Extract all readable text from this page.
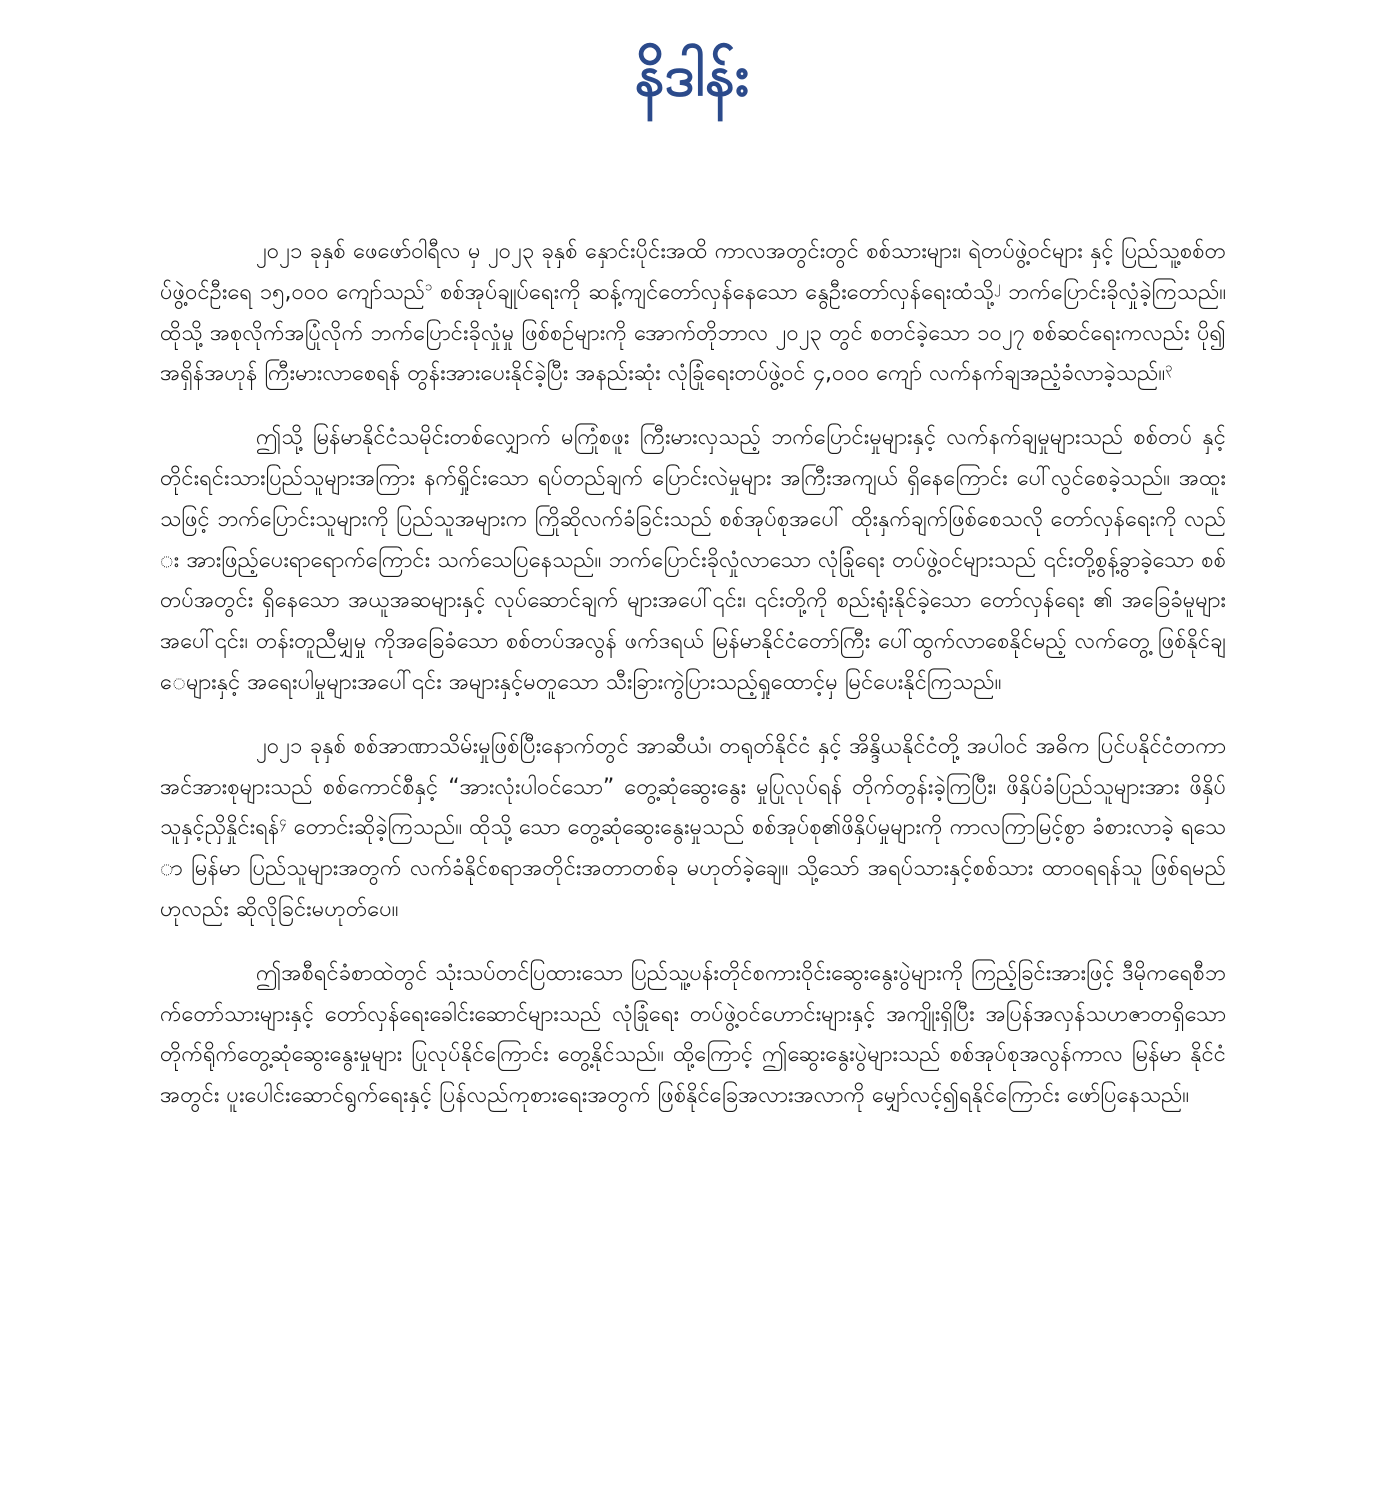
နိဒါန်း

၂၀၂၁ ခုနှစ် ဖေဖော်ဝါရီလ မှ ၂၀၂၃ ခုနှစ် နှောင်းပိုင်းအထိ ကာလအတွင်းတွင် စစ်သားများ၊ ရဲတပ်ဖွဲ့ဝင်များ နှင့် ပြည်သူ့စစ်တပ်ဖွဲ့ဝင်ဦးရေ ၁၅,၀၀၀ ကျော်သည်$^၁$ စစ်အုပ်ချုပ်ရေးကို ဆန့်ကျင်တော်လှန်နေသော နွေဦးတော်လှန်ရေးထံသို့$^၂$ ဘက်ပြောင်းခိုလှုံခဲ့ကြသည်။ ထိုသို့ အစုလိုက်အပြုံလိုက် ဘက်ပြောင်းခိုလှုံမှု ဖြစ်စဉ်များကို အောက်တိုဘာလ ၂၀၂၃ တွင် စတင်ခဲ့သော ၁၀၂၇ စစ်ဆင်ရေးကလည်း ပို၍အရှိန်အဟုန် ကြီးမားလာစေရန် တွန်းအားပေးနိုင်ခဲ့ပြီး အနည်းဆုံး လုံခြုံရေးတပ်ဖွဲ့ဝင် ၄,၀၀၀ ကျော် လက်နက်ချအညံ့ခံလာခဲ့သည်။$^၃$

ဤသို့ မြန်မာနိုင်ငံသမိုင်းတစ်လျှောက် မကြုံစဖူး ကြီးမားလှသည့် ဘက်ပြောင်းမှုများနှင့် လက်နက်ချမှုများသည် စစ်တပ် နှင့် တိုင်းရင်းသားပြည်သူများအကြား နက်ရှိုင်းသော ရပ်တည်ချက် ပြောင်းလဲမှုများ အကြီးအကျယ် ရှိနေကြောင်း ပေါ်လွင်စေခဲ့သည်။ အထူးသဖြင့် ဘက်ပြောင်းသူများကို ပြည်သူအများက ကြိုဆိုလက်ခံခြင်းသည် စစ်အုပ်စုအပေါ် ထိုးနှက်ချက်ဖြစ်စေသလို တော်လှန်ရေးကို လည်း အားဖြည့်ပေးရာရောက်ကြောင်း သက်သေပြနေသည်။ ဘက်ပြောင်းခိုလှုံလာသော လုံခြုံရေး တပ်ဖွဲ့ဝင်များသည် ၎င်းတို့စွန့်ခွာခဲ့သော စစ်တပ်အတွင်း ရှိနေသော အယူအဆများနှင့် လုပ်ဆောင်ချက် များအပေါ်၎င်း၊ ၎င်းတို့ကို စည်းရုံးနိုင်ခဲ့သော တော်လှန်ရေး ၏ အခြေခံမူများအပေါ်၎င်း၊ တန်းတူညီမျှမှု ကိုအခြေခံသော စစ်တပ်အလွန် ဖက်ဒရယ် မြန်မာနိုင်ငံတော်ကြီး ပေါ်ထွက်လာစေနိုင်မည့် လက်တွေ့ ဖြစ်နိုင်ချေများနှင့် အရေးပါမှုများအပေါ်၎င်း အများနှင့်မတူသော သီးခြားကွဲပြားသည့်ရှုထောင့်မှ မြင်ပေးနိုင်ကြသည်။

၂၀၂၁ ခုနှစ် စစ်အာဏာသိမ်းမှုဖြစ်ပြီးနောက်တွင် အာဆီယံ၊ တရုတ်နိုင်ငံ နှင့် အိန္ဒိယနိုင်ငံတို့ အပါဝင် အဓိက ပြင်ပနိုင်ငံတကာအင်အားစုများသည် စစ်ကောင်စီနှင့် “အားလုံးပါဝင်သော” တွေ့ဆုံဆွေးနွေး မှုပြုလုပ်ရန် တိုက်တွန်းခဲ့ကြပြီး၊ ဖိနှိပ်ခံပြည်သူများအား ဖိနှိပ်သူနှင့်ညှိနှိုင်းရန်$^၄$ တောင်းဆိုခဲ့ကြသည်။ ထိုသို့ သော တွေ့ဆုံဆွေးနွေးမှုသည် စစ်အုပ်စု၏ဖိနှိပ်မှုများကို ကာလကြာမြင့်စွာ ခံစားလာခဲ့ ရသော မြန်မာ ပြည်သူများအတွက် လက်ခံနိုင်စရာအတိုင်းအတာတစ်ခု မဟုတ်ခဲ့ချေ။ သို့သော် အရပ်သားနှင့်စစ်သား ထာဝရရန်သူ ဖြစ်ရမည်ဟုလည်း ဆိုလိုခြင်းမဟုတ်ပေ။

ဤအစီရင်ခံစာထဲတွင် သုံးသပ်တင်ပြထားသော ပြည်သူ့ပန်းတိုင်စကားဝိုင်းဆွေးနွေးပွဲများကို ကြည့်ခြင်းအားဖြင့် ဒီမိုကရေစီဘက်တော်သားများနှင့် တော်လှန်ရေးခေါင်းဆောင်များသည် လုံခြုံရေး တပ်ဖွဲ့ဝင်ဟောင်းများနှင့် အကျိုးရှိပြီး အပြန်အလှန်သဟဇာတရှိသော တိုက်ရိုက်တွေ့ဆုံဆွေးနွေးမှုများ ပြုလုပ်နိုင်ကြောင်း တွေ့နိုင်သည်။ ထို့ကြောင့် ဤဆွေးနွေးပွဲများသည် စစ်အုပ်စုအလွန်ကာလ မြန်မာ နိုင်ငံအတွင်း ပူးပေါင်းဆောင်ရွက်ရေးနှင့် ပြန်လည်ကုစားရေးအတွက် ဖြစ်နိုင်ခြေအလားအလာကို မျှော်လင့်၍ရနိုင်ကြောင်း ဖော်ပြနေသည်။
